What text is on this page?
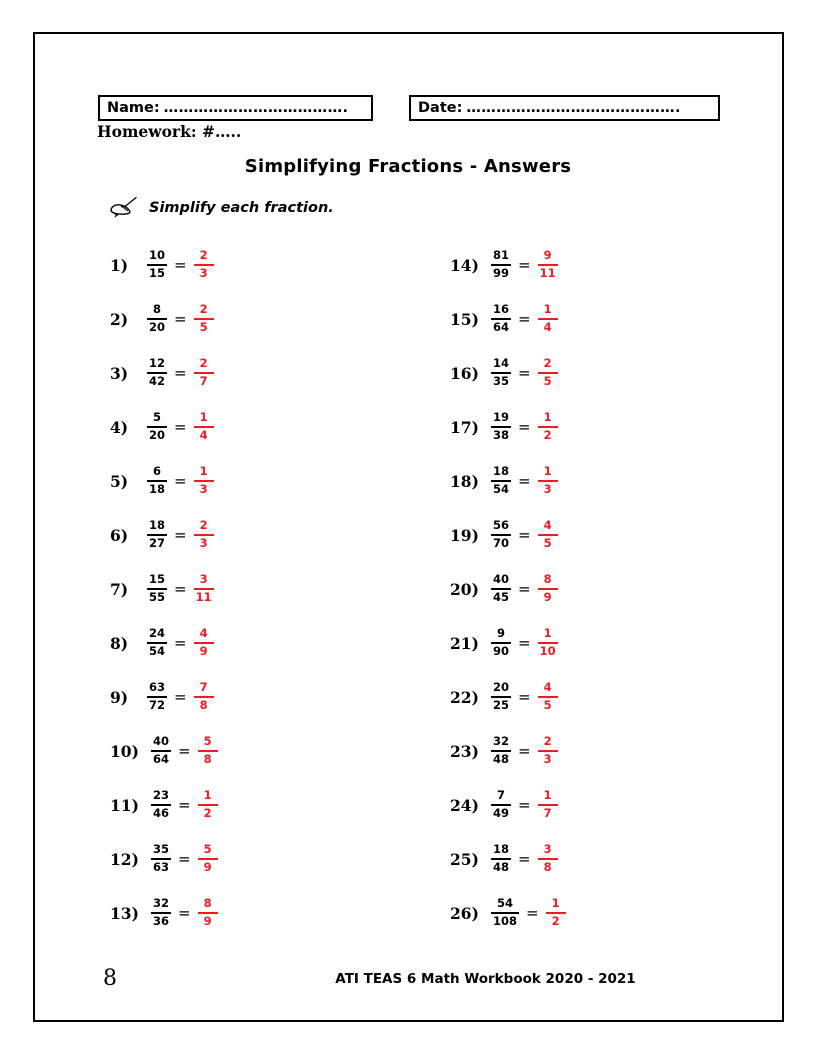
Name: ……………………………….	Date: …………………………………….
Homework: #…..
Simplifying Fractions - Answers
Simplify each fraction.
1)	$\frac{10}{15} = \frac{2}{3}$
2)	$\frac{8}{20} = \frac{2}{5}$
3)	$\frac{12}{42} = \frac{2}{7}$
4)	$\frac{5}{20} = \frac{1}{4}$
5)	$\frac{6}{18} = \frac{1}{3}$
6)	$\frac{18}{27} = \frac{2}{3}$
7)	$\frac{15}{55} = \frac{3}{11}$
8)	$\frac{24}{54} = \frac{4}{9}$
9)	$\frac{63}{72} = \frac{7}{8}$
10)	$\frac{40}{64} = \frac{5}{8}$
11)	$\frac{23}{46} = \frac{1}{2}$
12)	$\frac{35}{63} = \frac{5}{9}$
13)	$\frac{32}{36} = \frac{8}{9}$
14)	$\frac{81}{99} = \frac{9}{11}$
15)	$\frac{16}{64} = \frac{1}{4}$
16)	$\frac{14}{35} = \frac{2}{5}$
17)	$\frac{19}{38} = \frac{1}{2}$
18)	$\frac{18}{54} = \frac{1}{3}$
19)	$\frac{56}{70} = \frac{4}{5}$
20)	$\frac{40}{45} = \frac{8}{9}$
21)	$\frac{9}{90} = \frac{1}{10}$
22)	$\frac{20}{25} = \frac{4}{5}$
23)	$\frac{32}{48} = \frac{2}{3}$
24)	$\frac{7}{49} = \frac{1}{7}$
25)	$\frac{18}{48} = \frac{3}{8}$
26)	$\frac{54}{108} = \frac{1}{2}$
8	ATI TEAS 6 Math Workbook 2020 - 2021
